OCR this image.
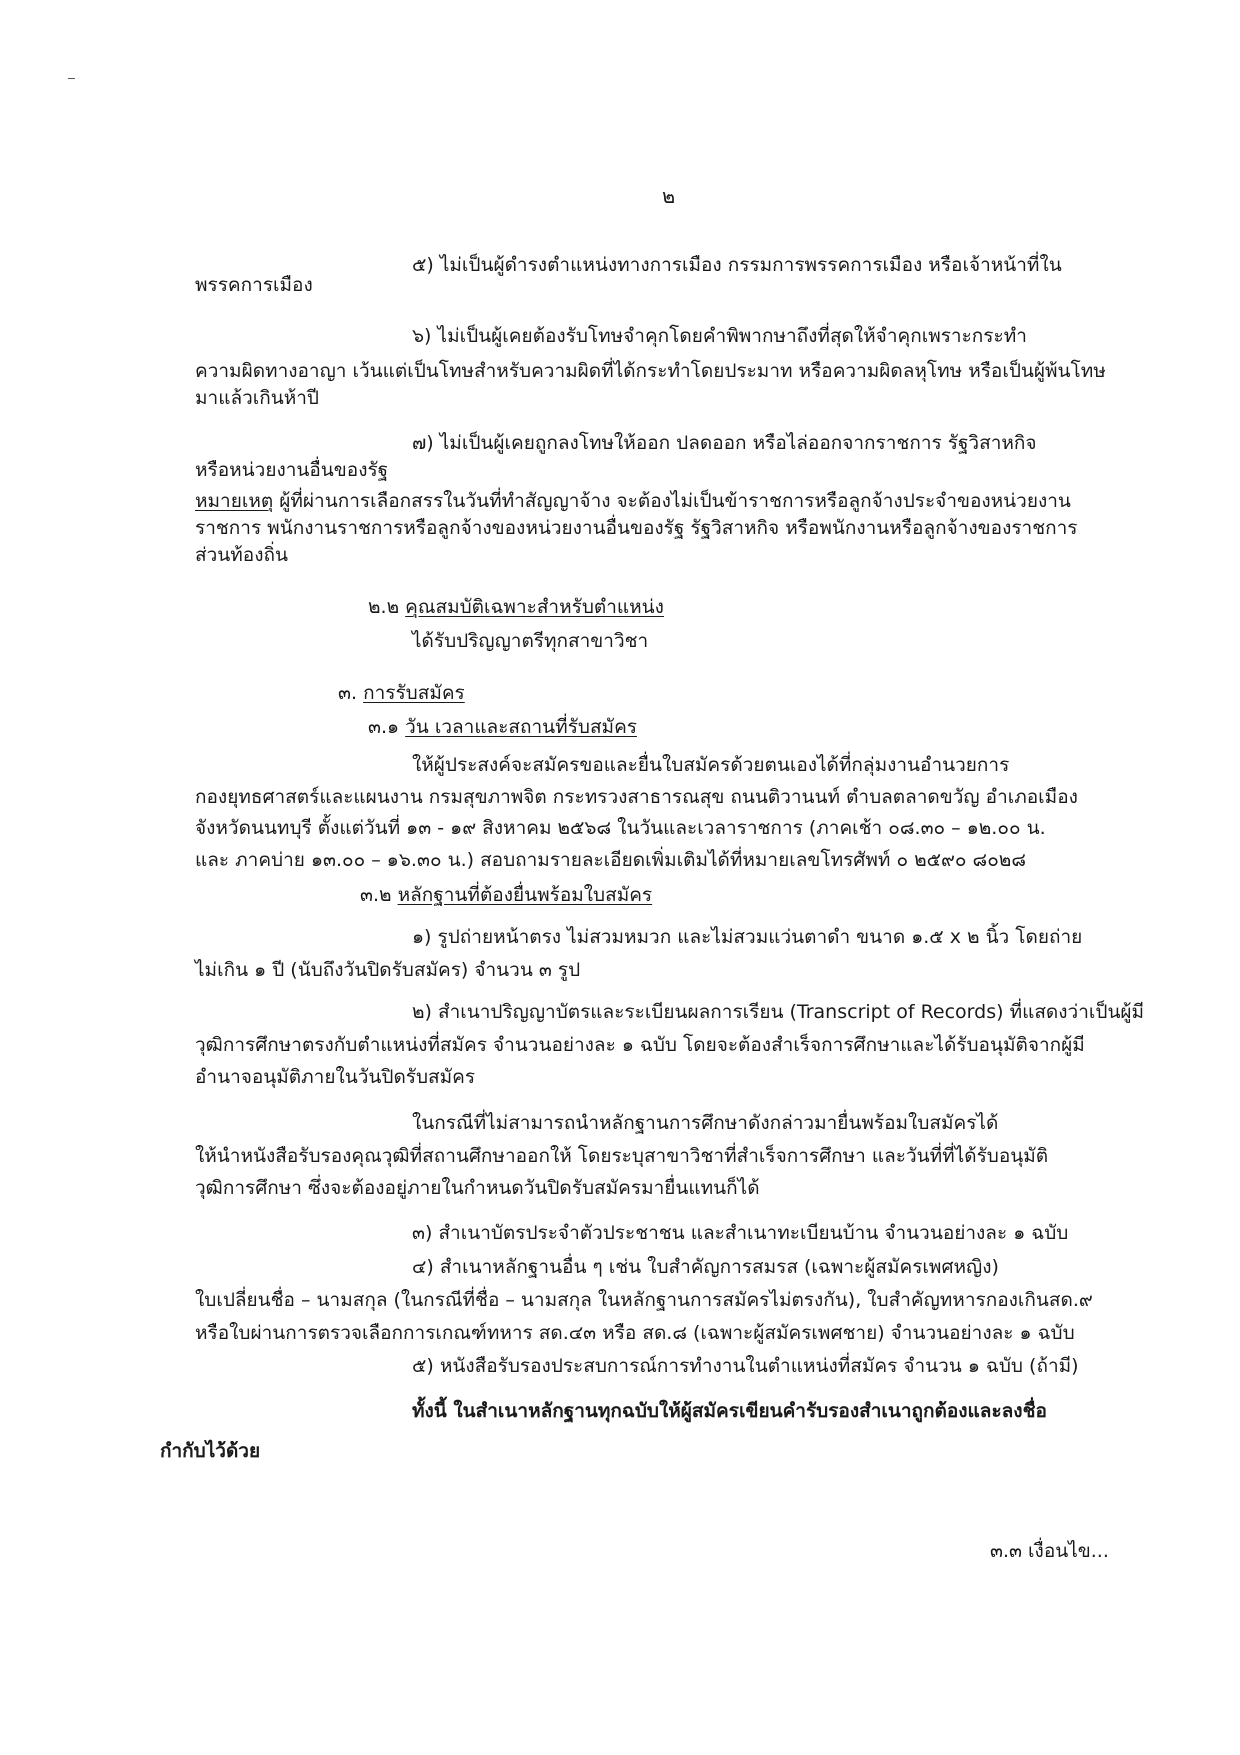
๒
๕) ไม่เป็นผู้ดำรงตำแหน่งทางการเมือง กรรมการพรรคการเมือง หรือเจ้าหน้าที่ใน
พรรคการเมือง
๖) ไม่เป็นผู้เคยต้องรับโทษจำคุกโดยคำพิพากษาถึงที่สุดให้จำคุกเพราะกระทำ
ความผิดทางอาญา เว้นแต่เป็นโทษสำหรับความผิดที่ได้กระทำโดยประมาท หรือความผิดลหุโทษ หรือเป็นผู้พ้นโทษ
มาแล้วเกินห้าปี
๗) ไม่เป็นผู้เคยถูกลงโทษให้ออก ปลดออก หรือไล่ออกจากราชการ รัฐวิสาหกิจ
หรือหน่วยงานอื่นของรัฐ
หมายเหตุ ผู้ที่ผ่านการเลือกสรรในวันที่ทำสัญญาจ้าง จะต้องไม่เป็นข้าราชการหรือลูกจ้างประจำของหน่วยงาน
ราชการ พนักงานราชการหรือลูกจ้างของหน่วยงานอื่นของรัฐ รัฐวิสาหกิจ หรือพนักงานหรือลูกจ้างของราชการ
ส่วนท้องถิ่น
๒.๒ คุณสมบัติเฉพาะสำหรับตำแหน่ง
ได้รับปริญญาตรีทุกสาขาวิชา
๓. การรับสมัคร
๓.๑ วัน เวลาและสถานที่รับสมัคร
ให้ผู้ประสงค์จะสมัครขอและยื่นใบสมัครด้วยตนเองได้ที่กลุ่มงานอำนวยการ
กองยุทธศาสตร์และแผนงาน กรมสุขภาพจิต กระทรวงสาธารณสุข ถนนติวานนท์ ตำบลตลาดขวัญ อำเภอเมือง
จังหวัดนนทบุรี ตั้งแต่วันที่ ๑๓ - ๑๙ สิงหาคม ๒๕๖๘ ในวันและเวลาราชการ (ภาคเช้า ๐๘.๓๐ – ๑๒.๐๐ น.
และ ภาคบ่าย ๑๓.๐๐ – ๑๖.๓๐ น.) สอบถามรายละเอียดเพิ่มเติมได้ที่หมายเลขโทรศัพท์ ๐ ๒๕๙๐ ๘๐๒๘
๓.๒ หลักฐานที่ต้องยื่นพร้อมใบสมัคร
๑) รูปถ่ายหน้าตรง ไม่สวมหมวก และไม่สวมแว่นตาดำ ขนาด ๑.๕ x ๒ นิ้ว โดยถ่าย
ไม่เกิน ๑ ปี (นับถึงวันปิดรับสมัคร) จำนวน ๓ รูป
๒) สำเนาปริญญาบัตรและระเบียนผลการเรียน (Transcript of Records) ที่แสดงว่าเป็นผู้มี
วุฒิการศึกษาตรงกับตำแหน่งที่สมัคร จำนวนอย่างละ ๑ ฉบับ โดยจะต้องสำเร็จการศึกษาและได้รับอนุมัติจากผู้มี
อำนาจอนุมัติภายในวันปิดรับสมัคร
ในกรณีที่ไม่สามารถนำหลักฐานการศึกษาดังกล่าวมายื่นพร้อมใบสมัครได้
ให้นำหนังสือรับรองคุณวุฒิที่สถานศึกษาออกให้ โดยระบุสาขาวิชาที่สำเร็จการศึกษา และวันที่ที่ได้รับอนุมัติ
วุฒิการศึกษา ซึ่งจะต้องอยู่ภายในกำหนดวันปิดรับสมัครมายื่นแทนก็ได้
๓) สำเนาบัตรประจำตัวประชาชน และสำเนาทะเบียนบ้าน จำนวนอย่างละ ๑ ฉบับ
๔) สำเนาหลักฐานอื่น ๆ เช่น ใบสำคัญการสมรส (เฉพาะผู้สมัครเพศหญิง)
ใบเปลี่ยนชื่อ – นามสกุล (ในกรณีที่ชื่อ – นามสกุล ในหลักฐานการสมัครไม่ตรงกัน), ใบสำคัญทหารกองเกินสด.๙
หรือใบผ่านการตรวจเลือกการเกณฑ์ทหาร สด.๔๓ หรือ สด.๘ (เฉพาะผู้สมัครเพศชาย) จำนวนอย่างละ ๑ ฉบับ
๕) หนังสือรับรองประสบการณ์การทำงานในตำแหน่งที่สมัคร จำนวน ๑ ฉบับ (ถ้ามี)
ทั้งนี้ ในสำเนาหลักฐานทุกฉบับให้ผู้สมัครเขียนคำรับรองสำเนาถูกต้องและลงชื่อ
กำกับไว้ด้วย
๓.๓ เงื่อนไข...
